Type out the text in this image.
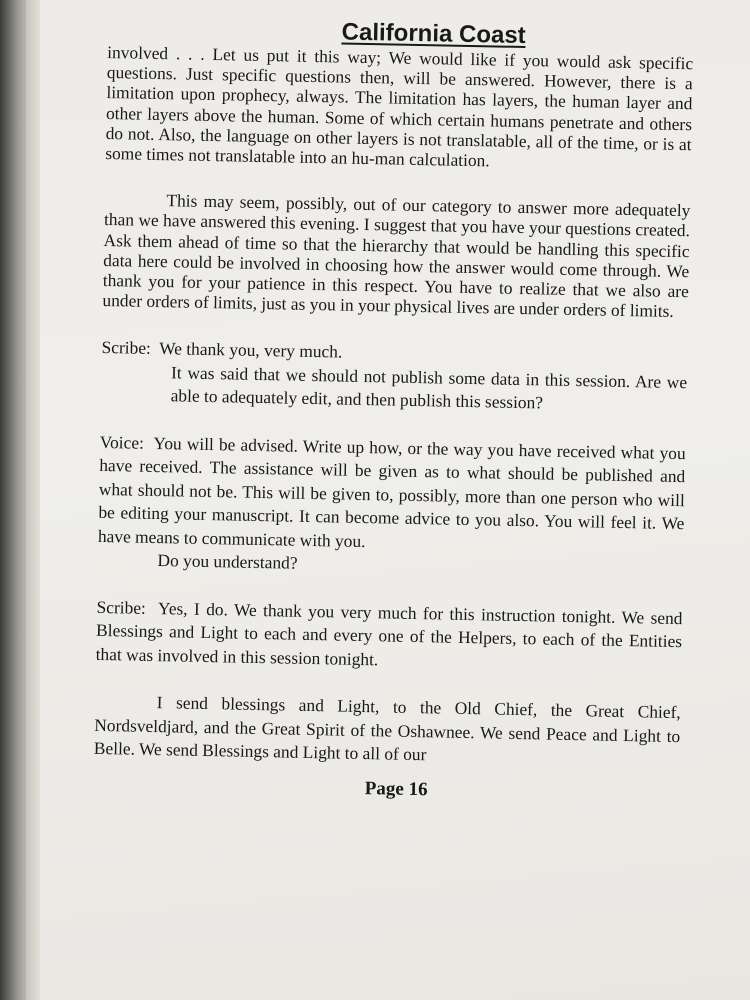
California Coast

involved . . . Let us put it this way; We would like if you would ask specific questions. Just specific questions then, will be answered. However, there is a limitation upon prophecy, always. The limitation has layers, the human layer and other layers above the human. Some of which certain humans penetrate and others do not. Also, the language on other layers is not translatable, all of the time, or is at some times not translatable into an hu-man calculation.

This may seem, possibly, out of our category to answer more adequately than we have answered this evening. I suggest that you have your questions created. Ask them ahead of time so that the hierarchy that would be handling this specific data here could be involved in choosing how the answer would come through. We thank you for your patience in this respect. You have to realize that we also are under orders of limits, just as you in your physical lives are under orders of limits.

Scribe: We thank you, very much.

It was said that we should not publish some data in this session. Are we able to adequately edit, and then publish this session?

Voice: You will be advised. Write up how, or the way you have received what you have received. The assistance will be given as to what should be published and what should not be. This will be given to, possibly, more than one person who will be editing your manuscript. It can become advice to you also. You will feel it. We have means to communicate with you.

Do you understand?

Scribe: Yes, I do. We thank you very much for this instruction tonight. We send Blessings and Light to each and every one of the Helpers, to each of the Entities that was involved in this session tonight.

I send blessings and Light, to the Old Chief, the Great Chief, Nordsveldjard, and the Great Spirit of the Oshawnee. We send Peace and Light to Belle. We send Blessings and Light to all of our

Page 16
